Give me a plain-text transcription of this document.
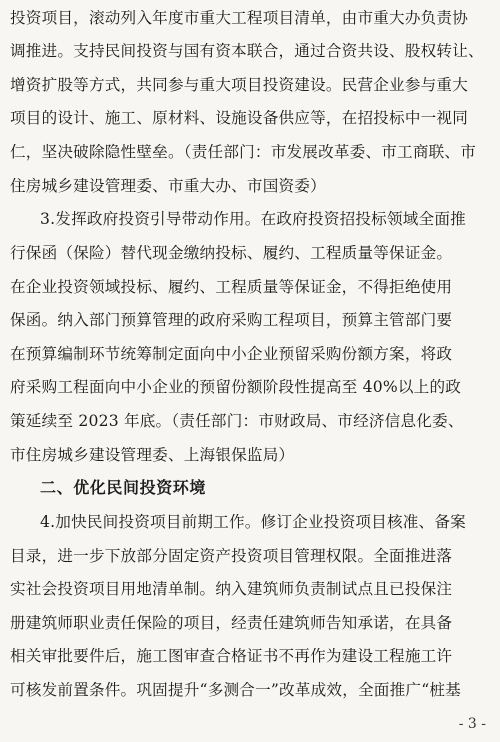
投资项目，滚动列入年度市重大工程项目清单，由市重大办负责协
调推进。支持民间投资与国有资本联合，通过合资共设、股权转让、
增资扩股等方式，共同参与重大项目投资建设。民营企业参与重大
项目的设计、施工、原材料、设施设备供应等，在招投标中一视同
仁，坚决破除隐性壁垒。（责任部门：市发展改革委、市工商联、市
住房城乡建设管理委、市重大办、市国资委）
3.发挥政府投资引导带动作用。在政府投资招投标领域全面推
行保函（保险）替代现金缴纳投标、履约、工程质量等保证金。
在企业投资领域投标、履约、工程质量等保证金，不得拒绝使用
保函。纳入部门预算管理的政府采购工程项目，预算主管部门要
在预算编制环节统筹制定面向中小企业预留采购份额方案，将政
府采购工程面向中小企业的预留份额阶段性提高至 40%以上的政
策延续至 2023 年底。（责任部门：市财政局、市经济信息化委、
市住房城乡建设管理委、上海银保监局）
二、优化民间投资环境
4.加快民间投资项目前期工作。修订企业投资项目核准、备案
目录，进一步下放部分固定资产投资项目管理权限。全面推进落
实社会投资项目用地清单制。纳入建筑师负责制试点且已投保注
册建筑师职业责任保险的项目，经责任建筑师告知承诺，在具备
相关审批要件后，施工图审查合格证书不再作为建设工程施工许
可核发前置条件。巩固提升“多测合一”改革成效，全面推广“桩基
- 3 -
